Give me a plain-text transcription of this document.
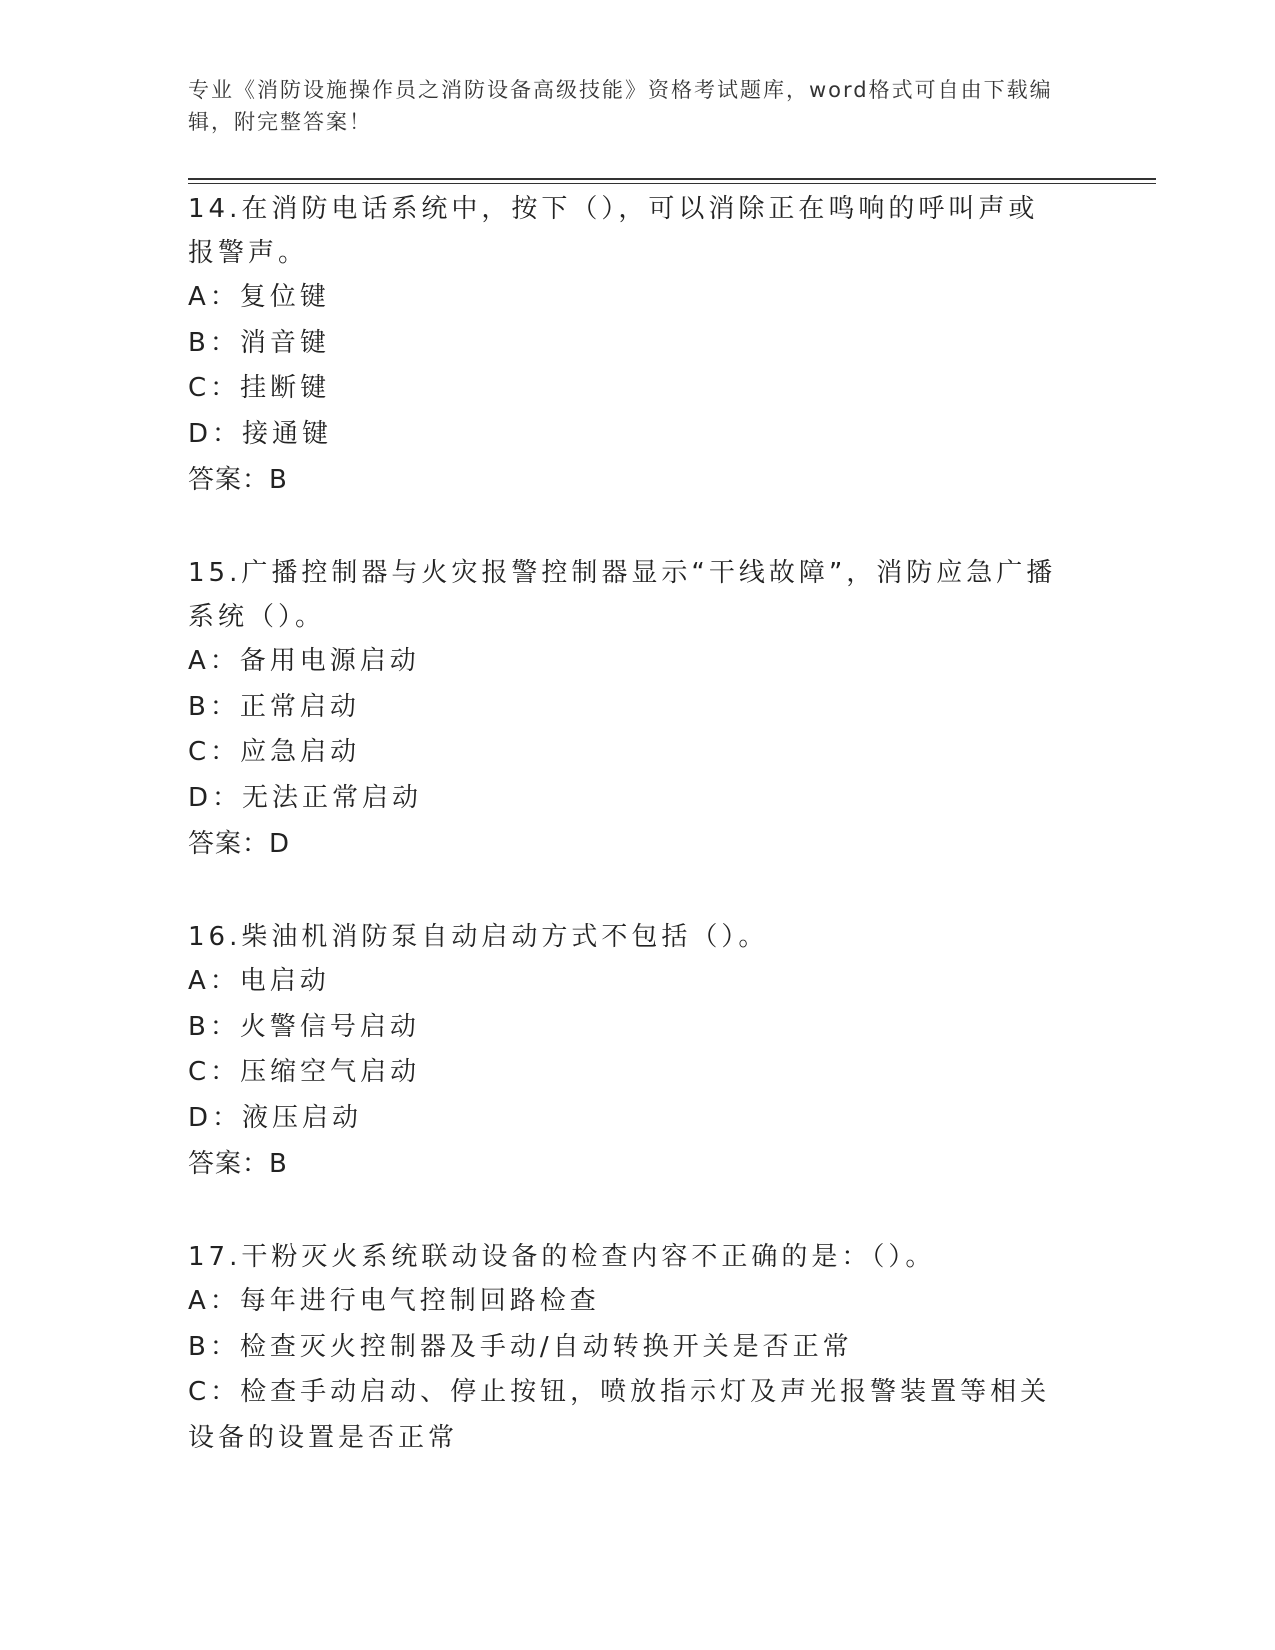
专业《消防设施操作员之消防设备高级技能》资格考试题库，word格式可自由下载编辑，附完整答案！

14.在消防电话系统中，按下（），可以消除正在鸣响的呼叫声或报警声。

A：复位键

B：消音键

C：挂断键

D：接通键

答案：B

15.广播控制器与火灾报警控制器显示“干线故障”，消防应急广播系统（）。

A：备用电源启动

B：正常启动

C：应急启动

D：无法正常启动

答案：D

16.柴油机消防泵自动启动方式不包括（）。

A：电启动

B：火警信号启动

C：压缩空气启动

D：液压启动

答案：B

17.干粉灭火系统联动设备的检查内容不正确的是：（）。

A：每年进行电气控制回路检查

B：检查灭火控制器及手动/自动转换开关是否正常

C：检查手动启动、停止按钮，喷放指示灯及声光报警装置等相关设备的设置是否正常
